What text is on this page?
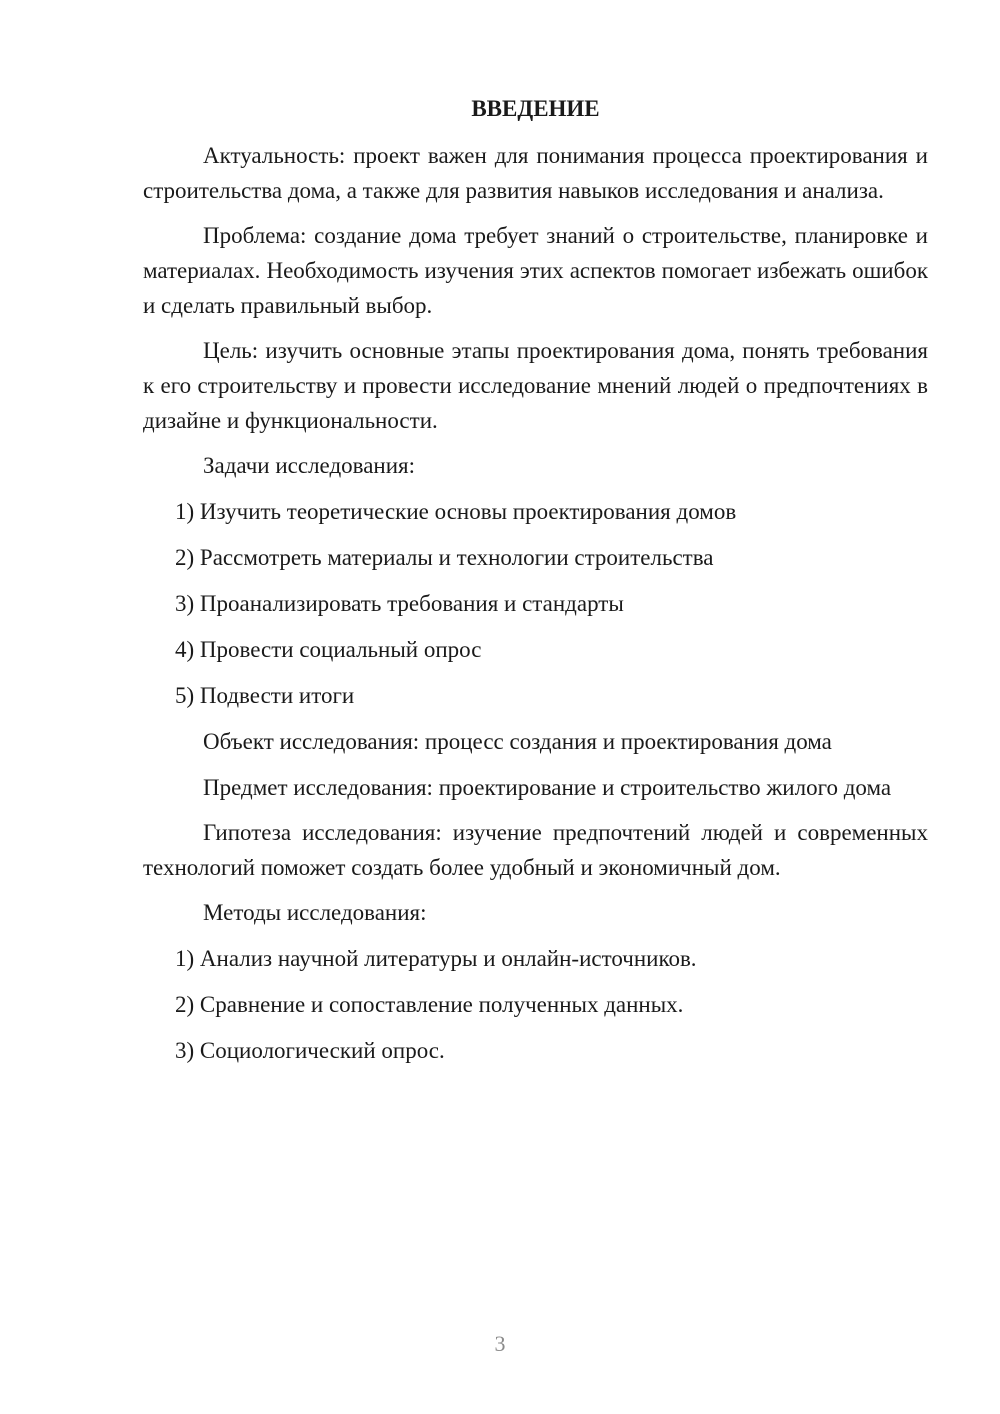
ВВЕДЕНИЕ
Актуальность: проект важен для понимания процесса проектирования и строительства дома, а также для развития навыков исследования и анализа.
Проблема: создание дома требует знаний о строительстве, планировке и материалах. Необходимость изучения этих аспектов помогает избежать ошибок и сделать правильный выбор.
Цель: изучить основные этапы проектирования дома, понять требования к его строительству и провести исследование мнений людей о предпочтениях в дизайне и функциональности.
Задачи исследования:
1) Изучить теоретические основы проектирования домов
2) Рассмотреть материалы и технологии строительства
3) Проанализировать требования и стандарты
4) Провести социальный опрос
5) Подвести итоги
Объект исследования: процесс создания и проектирования дома
Предмет исследования: проектирование и строительство жилого дома
Гипотеза исследования: изучение предпочтений людей и современных технологий поможет создать более удобный и экономичный дом.
Методы исследования:
1) Анализ научной литературы и онлайн-источников.
2) Сравнение и сопоставление полученных данных.
3) Социологический опрос.
3
